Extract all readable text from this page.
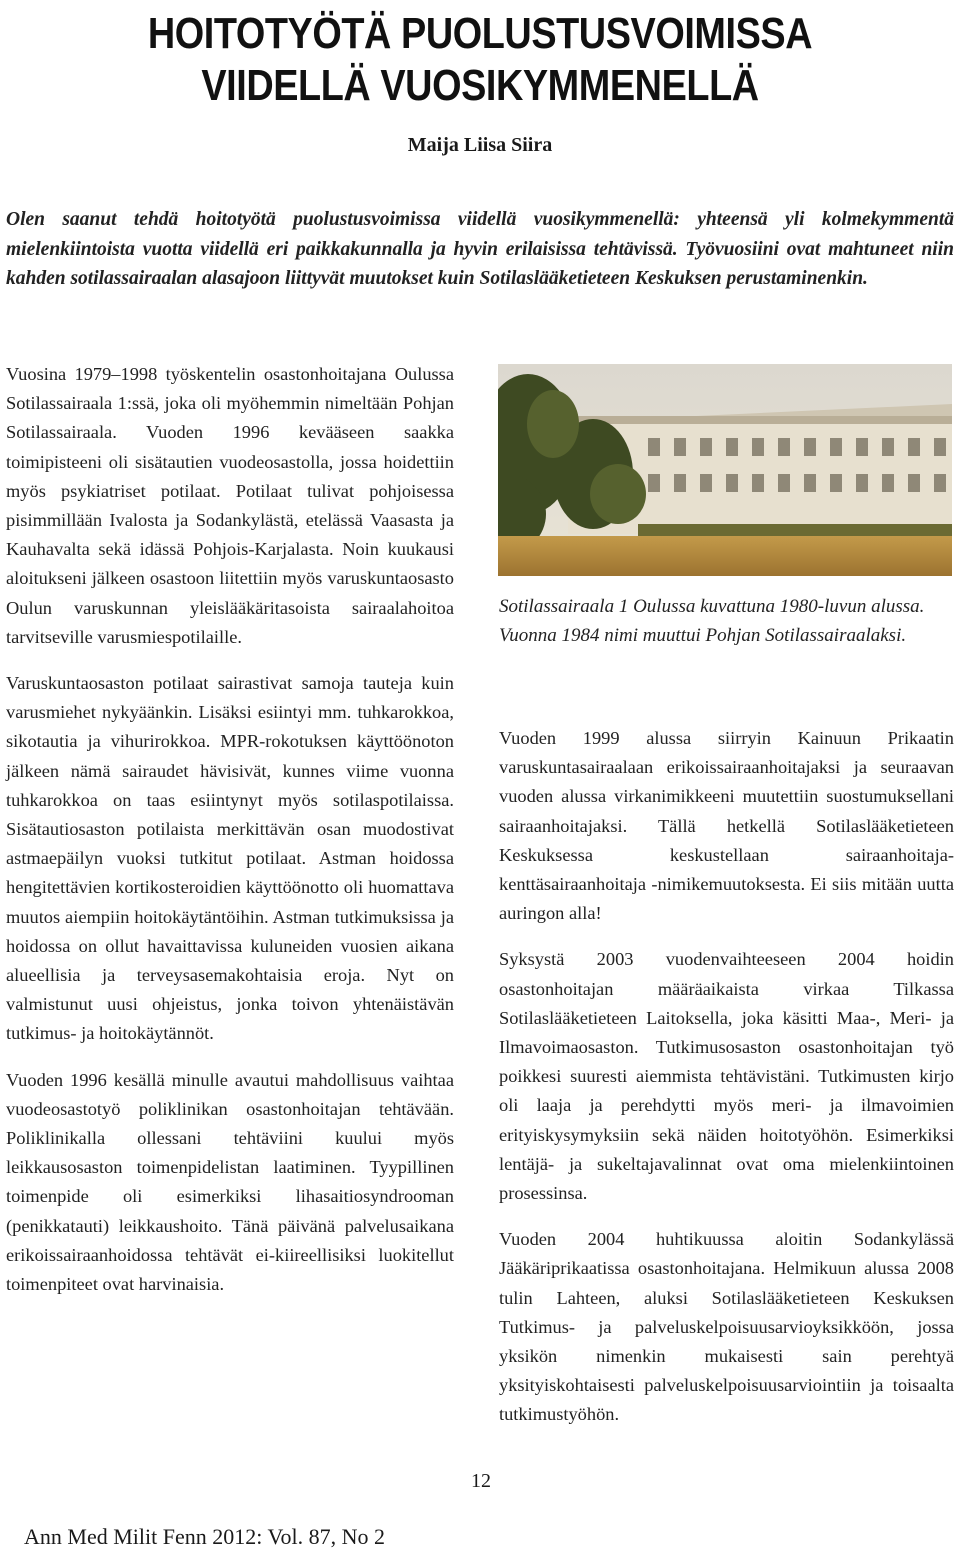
HOITOTYÖTÄ PUOLUSTUSVOIMISSA VIIDELLÄ VUOSIKYMMENELLÄ
Maija Liisa Siira

Olen saanut tehdä hoitotyötä puolustusvoimissa viidellä vuosikymmenellä: yhteensä yli kolmekymmentä mielenkiintoista vuotta viidellä eri paikkakunnalla ja hyvin erilaisissa tehtävissä. Työvuosiini ovat mahtuneet niin kahden sotilassairaalan alasajoon liittyvät muutokset kuin Sotilaslääketieteen Keskuksen perustaminenkin.

Vuosina 1979–1998 työskentelin osastonhoitajana Oulussa Sotilassairaala 1:ssä, joka oli myöhemmin nimeltään Pohjan Sotilassairaala. Vuoden 1996 kevääseen saakka toimipisteeni oli sisätautien vuodeosastolla, jossa hoidettiin myös psykiatriset potilaat. Potilaat tulivat pohjoisessa pisimmillään Ivalosta ja Sodankylästä, etelässä Vaasasta ja Kauhavalta sekä idässä Pohjois-Karjalasta. Noin kuukausi aloitukseni jälkeen osastoon liitettiin myös varuskuntaosasto Oulun varuskunnan yleislääkäritasoista sairaalahoitoa tarvitseville varusmiespotilaille.

Varuskuntaosaston potilaat sairastivat samoja tauteja kuin varusmiehet nykyäänkin. Lisäksi esiintyi mm. tuhkarokkoa, sikotautia ja vihurirokkoa. MPR-rokotuksen käyttöönoton jälkeen nämä sairaudet hävisivät, kunnes viime vuonna tuhkarokkoa on taas esiintynyt myös sotilaspotilaissa. Sisätautiosaston potilaista merkittävän osan muodostivat astmaepäilyn vuoksi tutkitut potilaat. Astman hoidossa hengitettävien kortikosteroidien käyttöönotto oli huomattava muutos aiempiin hoitokäytäntöihin. Astman tutkimuksissa ja hoidossa on ollut havaittavissa kuluneiden vuosien aikana alueellisia ja terveysasemakohtaisia eroja. Nyt on valmistunut uusi ohjeistus, jonka toivon yhtenäistävän tutkimus- ja hoitokäytännöt.

Vuoden 1996 kesällä minulle avautui mahdollisuus vaihtaa vuodeosastotyö poliklinikan osastonhoitajan tehtävään. Poliklinikalla ollessani tehtäviini kuului myös leikkausosaston toimenpidelistan laatiminen. Tyypillinen toimenpide oli esimerkiksi lihasaitiosyndrooman (penikkatauti) leikkaushoito. Tänä päivänä palvelusaikana erikoissairaanhoidossa tehtävät ei-kiireellisiksi luokitellut toimenpiteet ovat harvinaisia.

Sotilassairaala 1 Oulussa kuvattuna 1980-luvun alussa. Vuonna 1984 nimi muuttui Pohjan Sotilassairaalaksi.

Vuoden 1999 alussa siirryin Kainuun Prikaatin varuskuntasairaalaan erikoissairaanhoitajaksi ja seuraavan vuoden alussa virkanimikkeeni muutettiin suostumuksellani sairaanhoitajaksi. Tällä hetkellä Sotilaslääketieteen Keskuksessa keskustellaan sairaanhoitaja-kenttäsairaanhoitaja -nimikemuutoksesta. Ei siis mitään uutta auringon alla!

Syksystä 2003 vuodenvaihteeseen 2004 hoidin osastonhoitajan määräaikaista virkaa Tilkassa Sotilaslääketieteen Laitoksella, joka käsitti Maa-, Meri- ja Ilmavoimaosaston. Tutkimusosaston osastonhoitajan työ poikkesi suuresti aiemmista tehtävistäni. Tutkimusten kirjo oli laaja ja perehdytti myös meri- ja ilmavoimien erityiskysymyksiin sekä näiden hoitotyöhön. Esimerkiksi lentäjä- ja sukeltajavalinnat ovat oma mielenkiintoinen prosessinsa.

Vuoden 2004 huhtikuussa aloitin Sodankylässä Jääkäriprikaatissa osastonhoitajana. Helmikuun alussa 2008 tulin Lahteen, aluksi Sotilaslääketieteen Keskuksen Tutkimus- ja palveluskelpoisuusarvioyksikköön, jossa yksikön nimenkin mukaisesti sain perehtyä yksityiskohtaisesti palveluskelpoisuusarviointiin ja toisaalta tutkimustyöhön.

12
Ann Med Milit Fenn 2012: Vol. 87, No 2
